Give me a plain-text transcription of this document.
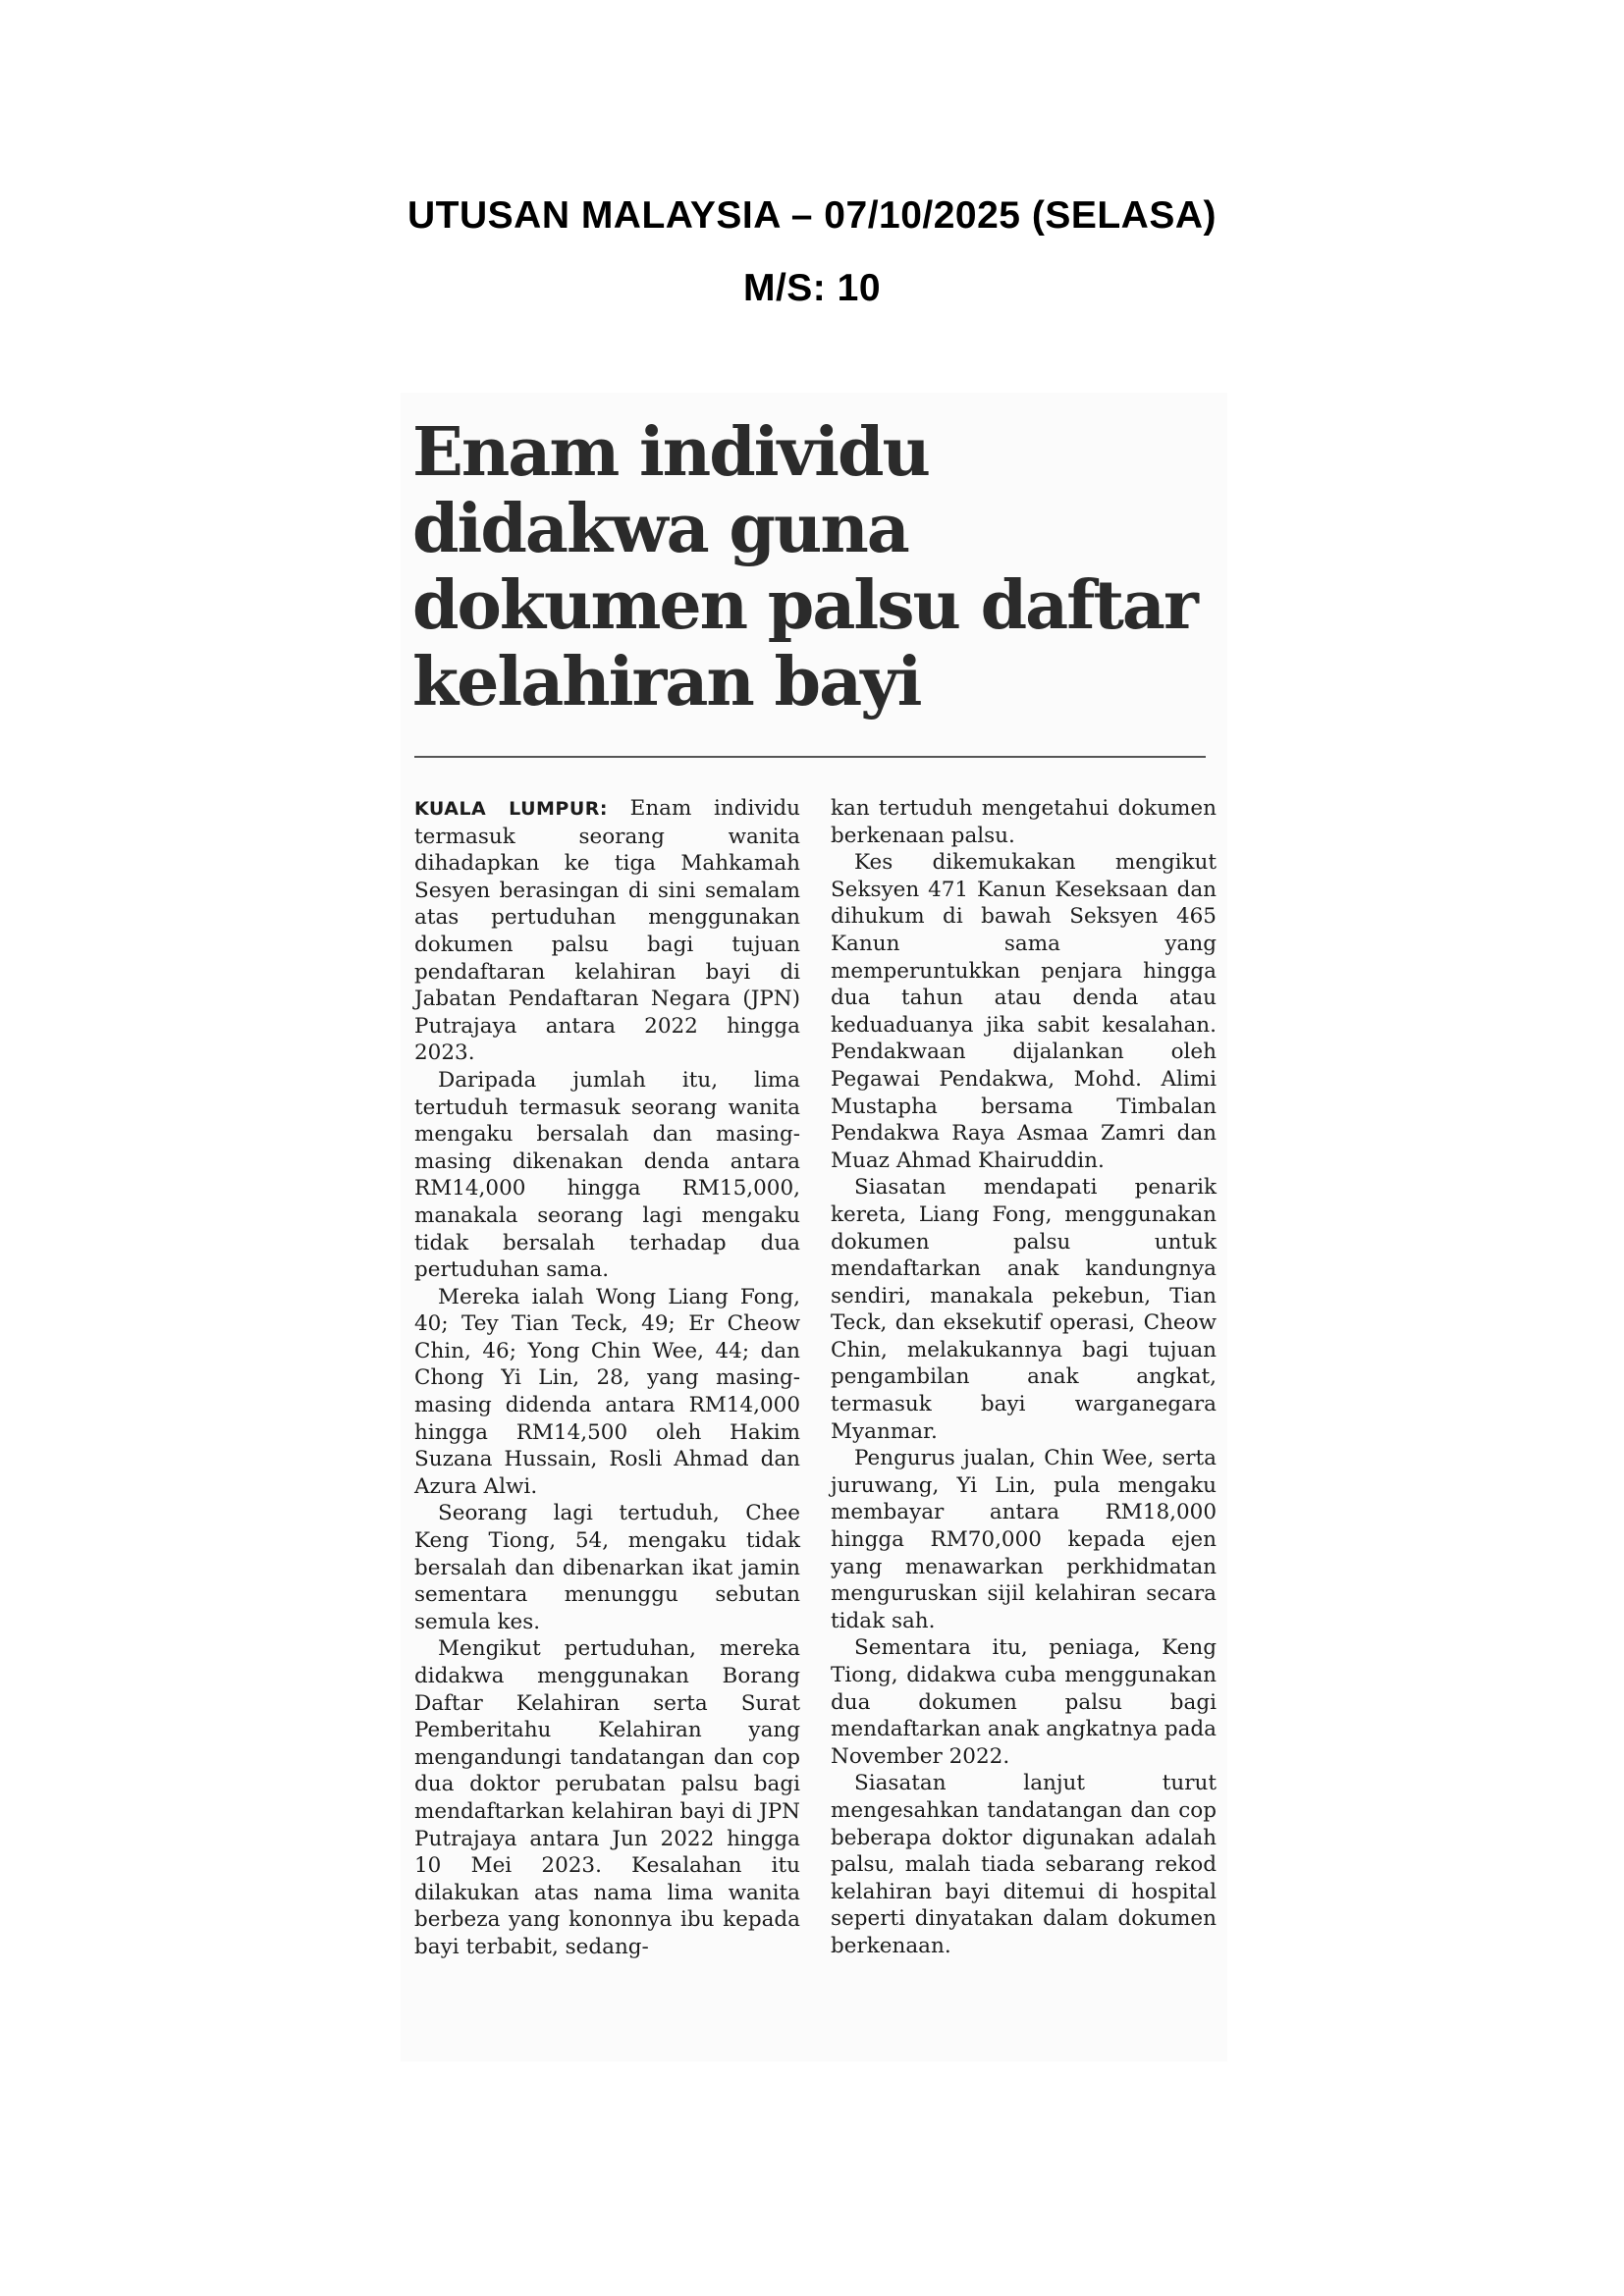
UTUSAN MALAYSIA – 07/10/2025 (SELASA)
M/S: 10
Enam individu
didakwa guna
dokumen palsu daftar
kelahiran bayi

KUALA LUMPUR: Enam individu termasuk seorang wanita dihadapkan ke tiga Mahkamah Sesyen berasingan di sini semalam atas pertuduhan menggunakan dokumen palsu bagi tujuan pendaftaran kelahiran bayi di Jabatan Pendaftaran Negara (JPN) Putrajaya antara 2022 hingga 2023.

Daripada jumlah itu, lima tertuduh termasuk seorang wanita mengaku bersalah dan masing-masing dikenakan denda antara RM14,000 hingga RM15,000, manakala seorang lagi mengaku tidak bersalah terhadap dua pertuduhan sama.

Mereka ialah Wong Liang Fong, 40; Tey Tian Teck, 49; Er Cheow Chin, 46; Yong Chin Wee, 44; dan Chong Yi Lin, 28, yang masing-masing didenda antara RM14,000 hingga RM14,500 oleh Hakim Suzana Hussain, Rosli Ahmad dan Azura Alwi.

Seorang lagi tertuduh, Chee Keng Tiong, 54, mengaku tidak bersalah dan dibenarkan ikat jamin sementara menunggu sebutan semula kes.

Mengikut pertuduhan, mereka didakwa menggunakan Borang Daftar Kelahiran serta Surat Pemberitahu Kelahiran yang mengandungi tandatangan dan cop dua doktor perubatan palsu bagi mendaftarkan kelahiran bayi di JPN Putrajaya antara Jun 2022 hingga 10 Mei 2023. Kesalahan itu dilakukan atas nama lima wanita berbeza yang kononnya ibu kepada bayi terbabit, sedang-

kan tertuduh mengetahui dokumen berkenaan palsu.

Kes dikemukakan mengikut Seksyen 471 Kanun Keseksaan dan dihukum di bawah Seksyen 465 Kanun sama yang memperuntukkan penjara hingga dua tahun atau denda atau keduaduanya jika sabit kesalahan. Pendakwaan dijalankan oleh Pegawai Pendakwa, Mohd. Alimi Mustapha bersama Timbalan Pendakwa Raya Asmaa Zamri dan Muaz Ahmad Khairuddin.

Siasatan mendapati penarik kereta, Liang Fong, menggunakan dokumen palsu untuk mendaftarkan anak kandungnya sendiri, manakala pekebun, Tian Teck, dan eksekutif operasi, Cheow Chin, melakukannya bagi tujuan pengambilan anak angkat, termasuk bayi warganegara Myanmar.

Pengurus jualan, Chin Wee, serta juruwang, Yi Lin, pula mengaku membayar antara RM18,000 hingga RM70,000 kepada ejen yang menawarkan perkhidmatan menguruskan sijil kelahiran secara tidak sah.

Sementara itu, peniaga, Keng Tiong, didakwa cuba menggunakan dua dokumen palsu bagi mendaftarkan anak angkatnya pada November 2022.

Siasatan lanjut turut mengesahkan tandatangan dan cop beberapa doktor digunakan adalah palsu, malah tiada sebarang rekod kelahiran bayi ditemui di hospital seperti dinyatakan dalam dokumen berkenaan.
